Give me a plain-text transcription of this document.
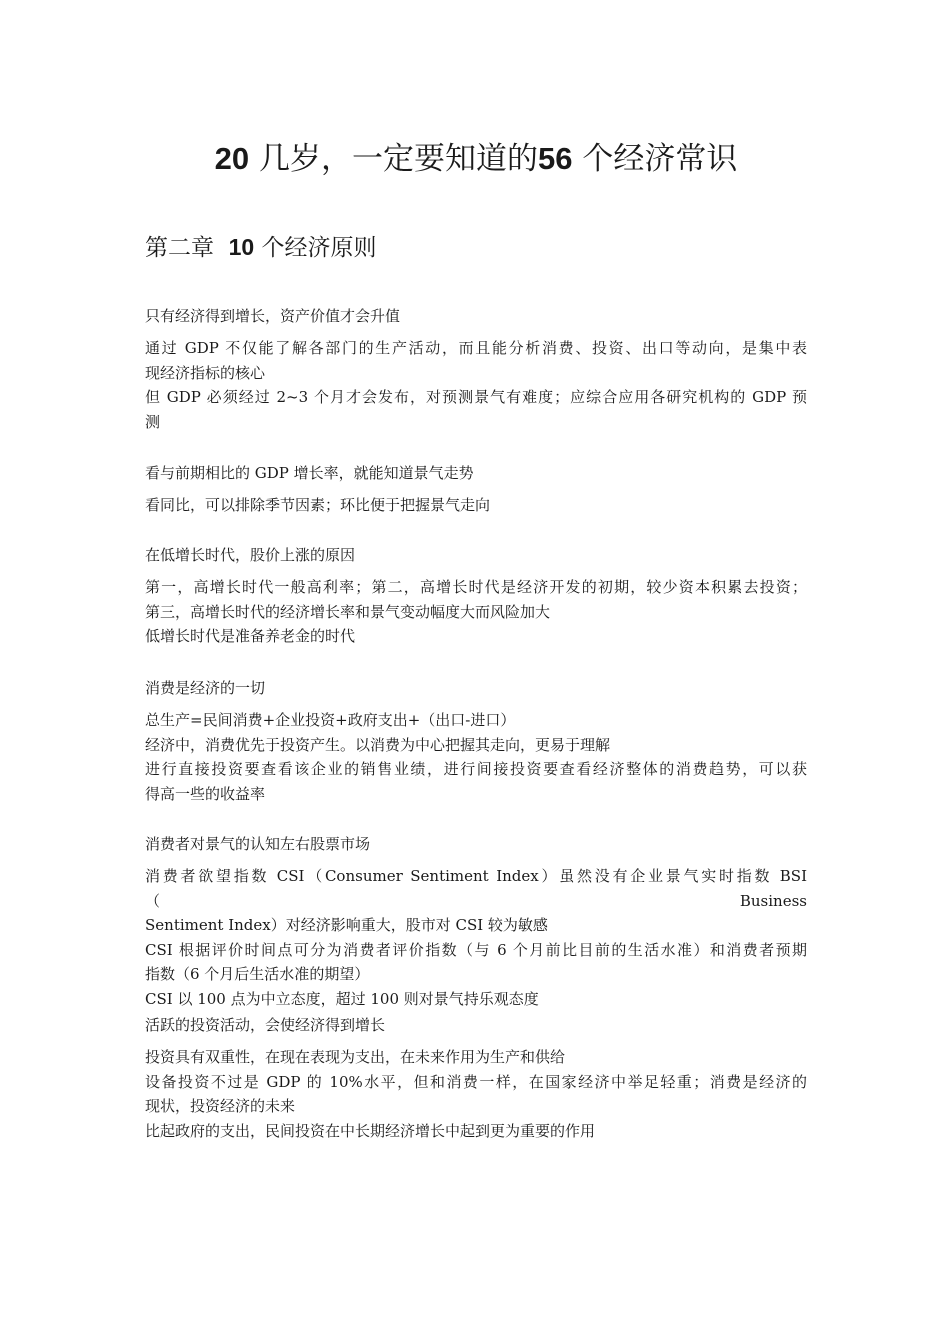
20 几岁，一定要知道的56 个经济常识
第二章 10 个经济原则

只有经济得到增长，资产价值才会升值

通过 GDP 不仅能了解各部门的生产活动，而且能分析消费、投资、出口等动向，是集中表

现经济指标的核心

但 GDP 必须经过 2~3 个月才会发布，对预测景气有难度；应综合应用各研究机构的 GDP 预

测

看与前期相比的 GDP 增长率，就能知道景气走势

看同比，可以排除季节因素；环比便于把握景气走向

在低增长时代，股价上涨的原因

第一，高增长时代一般高利率；第二，高增长时代是经济开发的初期，较少资本积累去投资；

第三，高增长时代的经济增长率和景气变动幅度大而风险加大

低增长时代是准备养老金的时代

消费是经济的一切

总生产=民间消费+企业投资+政府支出+（出口-进口）

经济中，消费优先于投资产生。以消费为中心把握其走向，更易于理解

进行直接投资要查看该企业的销售业绩，进行间接投资要查看经济整体的消费趋势，可以获

得高一些的收益率

消费者对景气的认知左右股票市场

消费者欲望指数 CSI（Consumer Sentiment Index）虽然没有企业景气实时指数 BSI（Business

Sentiment Index）对经济影响重大，股市对 CSI 较为敏感

CSI 根据评价时间点可分为消费者评价指数（与 6 个月前比目前的生活水准）和消费者预期

指数（6 个月后生活水准的期望）

CSI 以 100 点为中立态度，超过 100 则对景气持乐观态度

活跃的投资活动，会使经济得到增长

投资具有双重性，在现在表现为支出，在未来作用为生产和供给

设备投资不过是 GDP 的 10%水平，但和消费一样，在国家经济中举足轻重；消费是经济的

现状，投资经济的未来

比起政府的支出，民间投资在中长期经济增长中起到更为重要的作用
